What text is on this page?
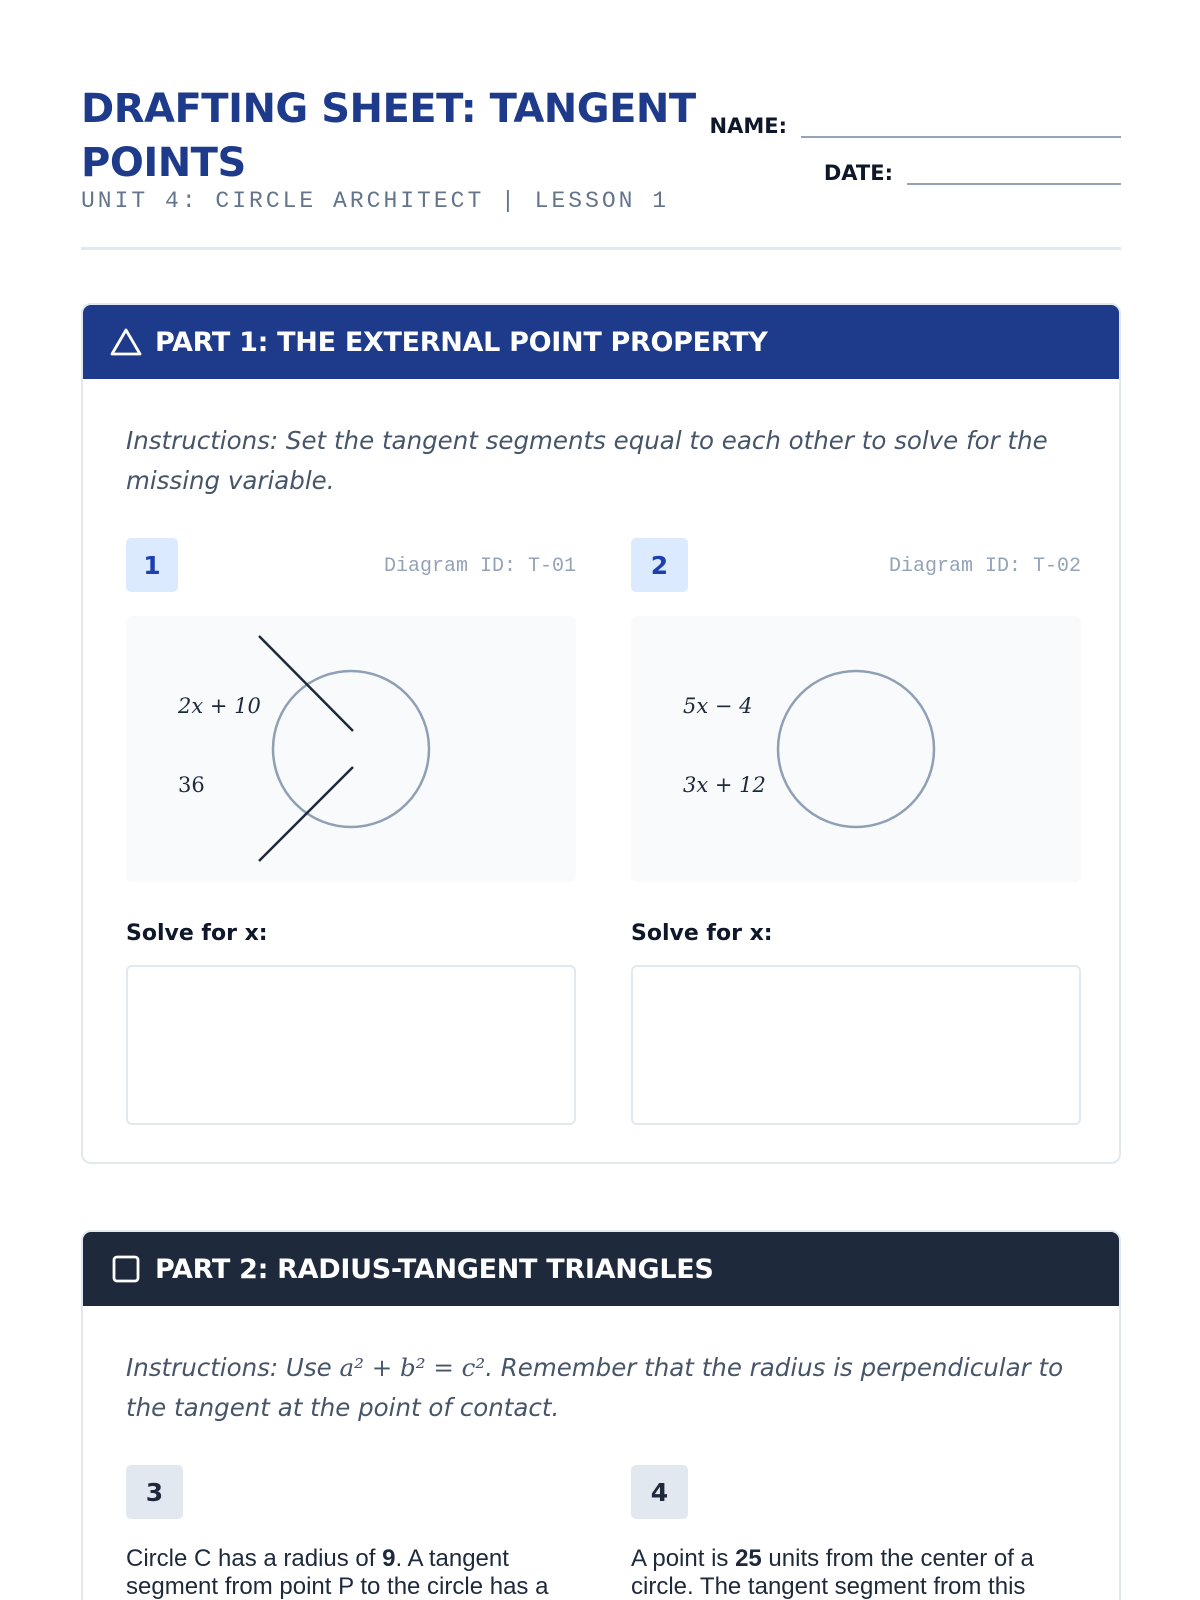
DRAFTING SHEET: TANGENT POINTS
UNIT 4: CIRCLE ARCHITECT | LESSON 1
NAME:
DATE:
PART 1: THE EXTERNAL POINT PROPERTY
Instructions: Set the tangent segments equal to each other to solve for the missing variable.
1	Diagram ID: T-01
2x + 10
36
Solve for x:
2	Diagram ID: T-02
5x − 4
3x + 12
Solve for x:
PART 2: RADIUS-TANGENT TRIANGLES
Instructions: Use a² + b² = c². Remember that the radius is perpendicular to the tangent at the point of contact.
3
Circle C has a radius of 9. A tangent segment from point P to the circle has a
4
A point is 25 units from the center of a circle. The tangent segment from this
